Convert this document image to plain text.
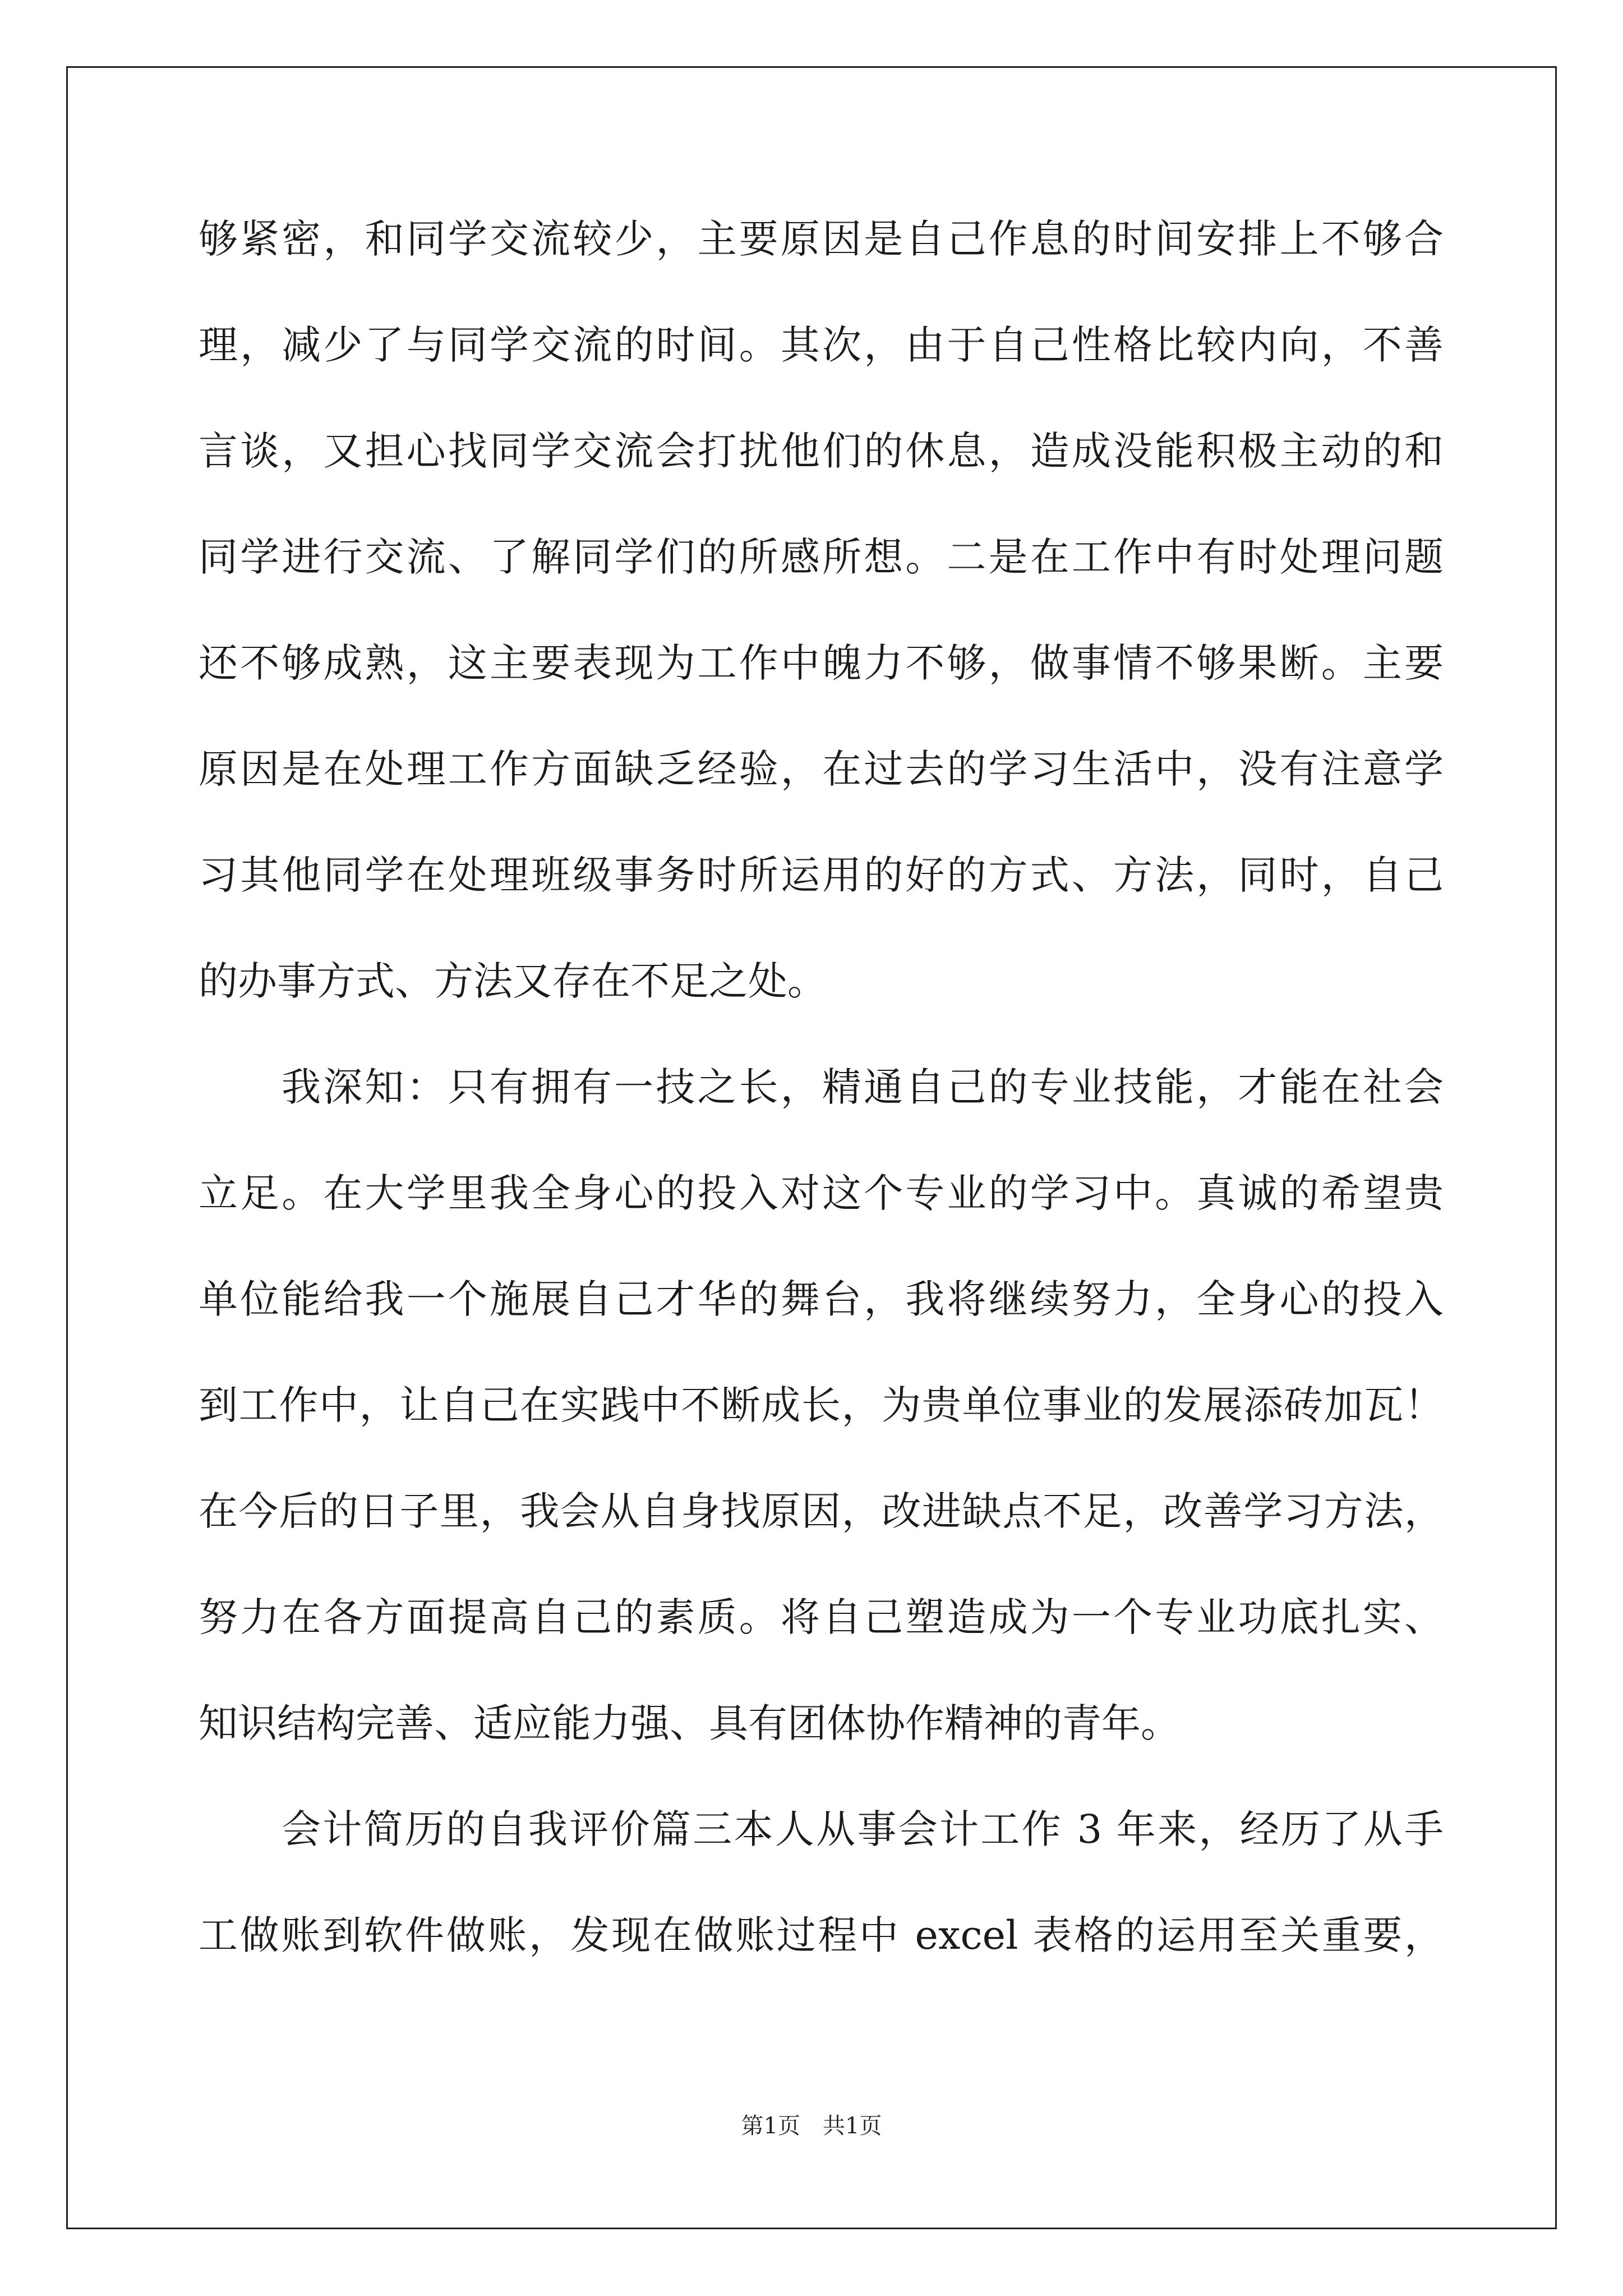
够紧密，和同学交流较少，主要原因是自己作息的时间安排上不够合
理，减少了与同学交流的时间。其次，由于自己性格比较内向，不善
言谈，又担心找同学交流会打扰他们的休息，造成没能积极主动的和
同学进行交流、了解同学们的所感所想。二是在工作中有时处理问题
还不够成熟，这主要表现为工作中魄力不够，做事情不够果断。主要
原因是在处理工作方面缺乏经验，在过去的学习生活中，没有注意学
习其他同学在处理班级事务时所运用的好的方式、方法，同时，自己
的办事方式、方法又存在不足之处。
我深知：只有拥有一技之长，精通自己的专业技能，才能在社会
立足。在大学里我全身心的投入对这个专业的学习中。真诚的希望贵
单位能给我一个施展自己才华的舞台，我将继续努力，全身心的投入
到工作中，让自己在实践中不断成长，为贵单位事业的发展添砖加瓦！
在今后的日子里，我会从自身找原因，改进缺点不足，改善学习方法，
努力在各方面提高自己的素质。将自己塑造成为一个专业功底扎实、
知识结构完善、适应能力强、具有团体协作精神的青年。
会计简历的自我评价篇三本人从事会计工作 3 年来，经历了从手
工做账到软件做账，发现在做账过程中 excel 表格的运用至关重要，
第1页　共1页
